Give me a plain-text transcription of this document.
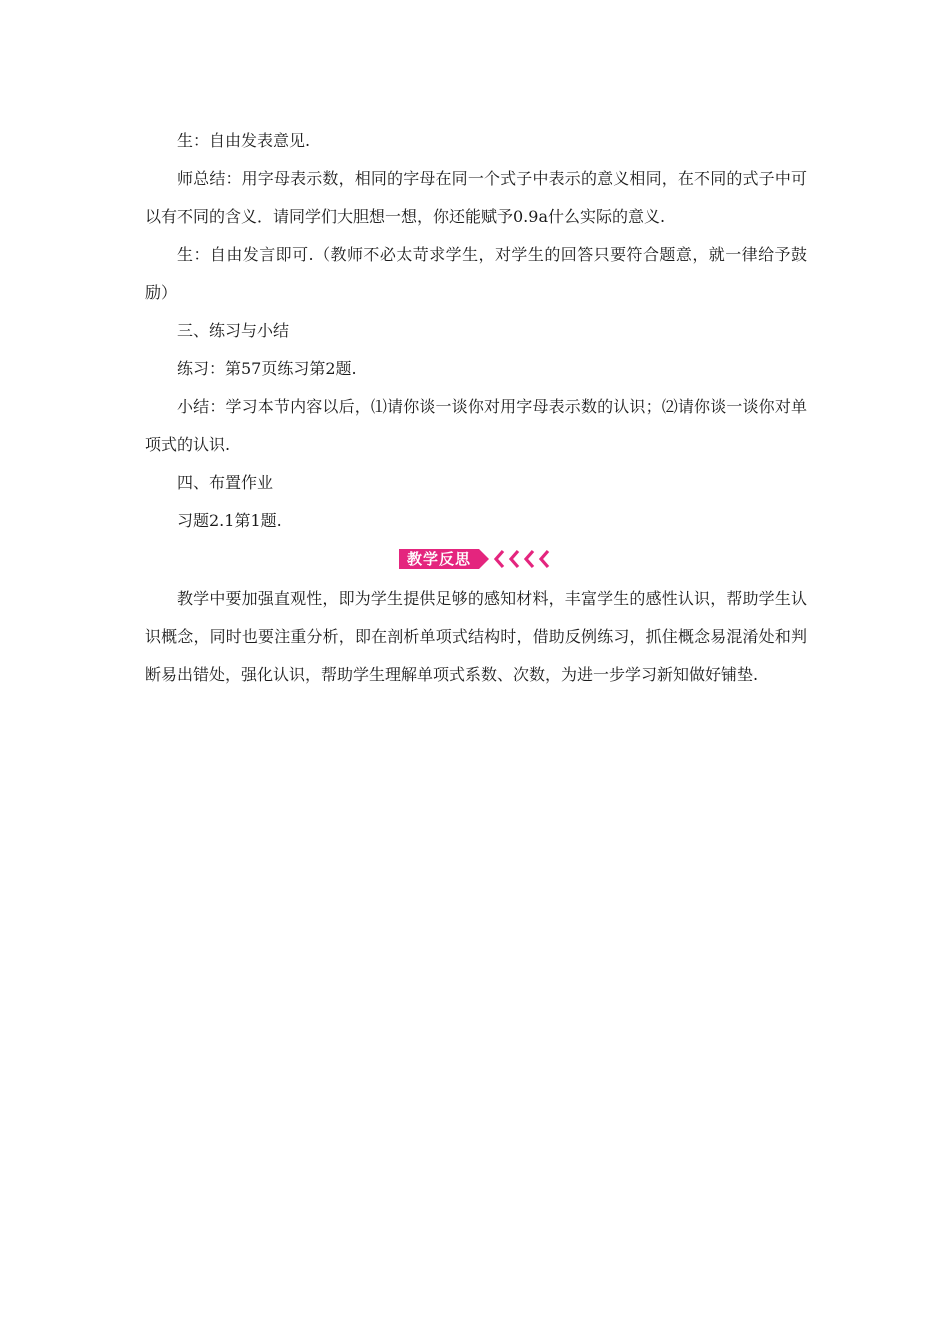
生：自由发表意见.

师总结：用字母表示数，相同的字母在同一个式子中表示的意义相同，在不同的式子中可以有不同的含义．请同学们大胆想一想，你还能赋予0.9a什么实际的意义.

生：自由发言即可.（教师不必太苛求学生，对学生的回答只要符合题意，就一律给予鼓励）

三、练习与小结

练习：第57页练习第2题.

小结：学习本节内容以后，⑴请你谈一谈你对用字母表示数的认识；⑵请你谈一谈你对单项式的认识.

四、布置作业

习题2.1第1题.

教学反思

教学中要加强直观性，即为学生提供足够的感知材料，丰富学生的感性认识，帮助学生认识概念，同时也要注重分析，即在剖析单项式结构时，借助反例练习，抓住概念易混淆处和判断易出错处，强化认识，帮助学生理解单项式系数、次数，为进一步学习新知做好铺垫.
